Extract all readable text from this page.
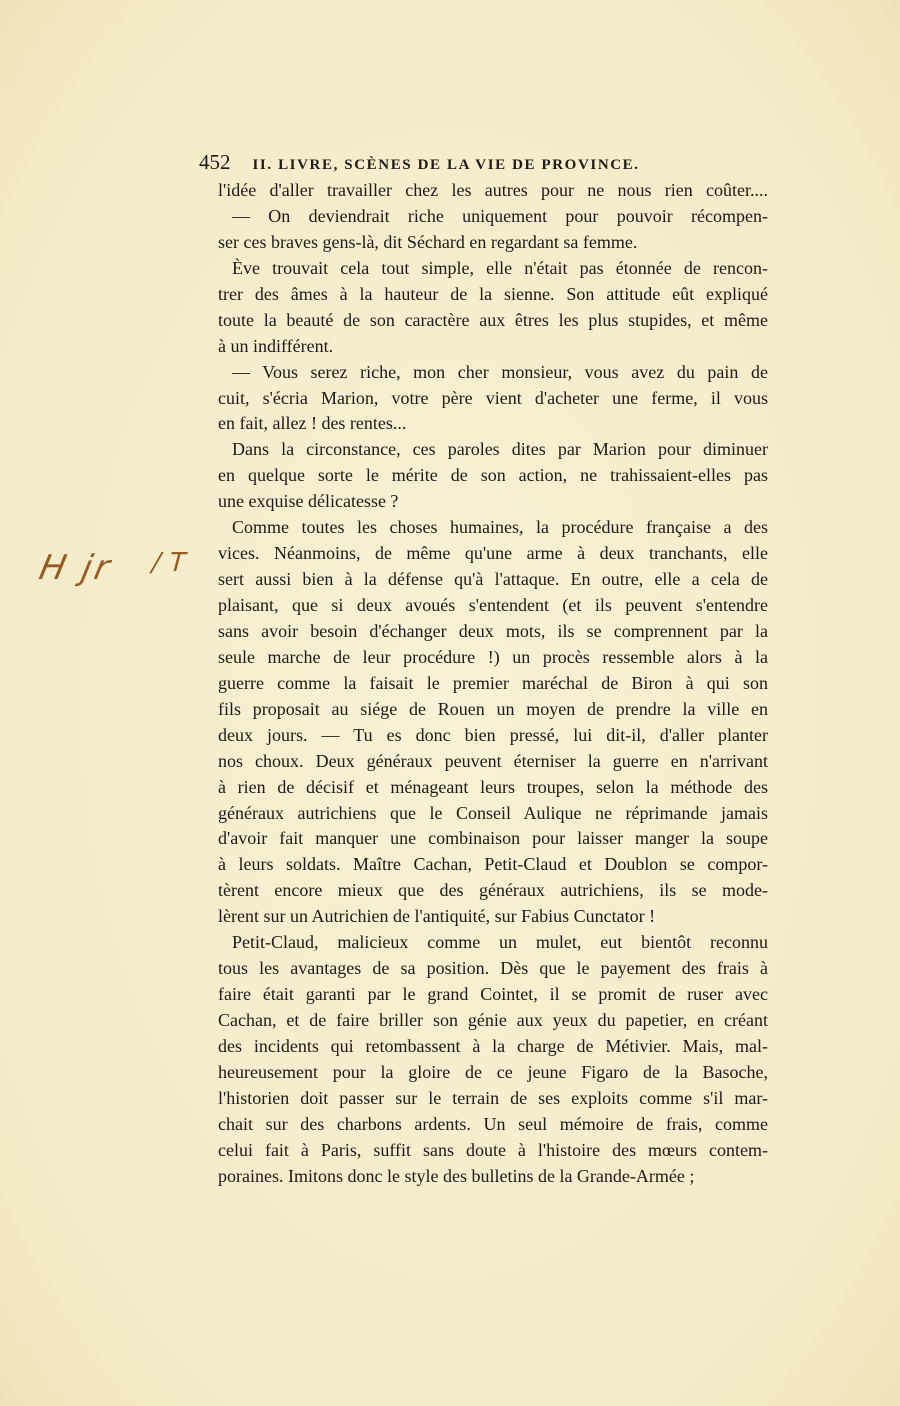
452 II. LIVRE, SCÈNES DE LA VIE DE PROVINCE.
l'idée d'aller travailler chez les autres pour ne nous rien coûter....
— On deviendrait riche uniquement pour pouvoir récompen-
ser ces braves gens-là, dit Séchard en regardant sa femme.
Ève trouvait cela tout simple, elle n'était pas étonnée de rencon-
trer des âmes à la hauteur de la sienne. Son attitude eût expliqué
toute la beauté de son caractère aux êtres les plus stupides, et même
à un indifférent.
— Vous serez riche, mon cher monsieur, vous avez du pain de
cuit, s'écria Marion, votre père vient d'acheter une ferme, il vous
en fait, allez ! des rentes...
Dans la circonstance, ces paroles dites par Marion pour diminuer
en quelque sorte le mérite de son action, ne trahissaient-elles pas
une exquise délicatesse ?
Comme toutes les choses humaines, la procédure française a des
vices. Néanmoins, de même qu'une arme à deux tranchants, elle
sert aussi bien à la défense qu'à l'attaque. En outre, elle a cela de
plaisant, que si deux avoués s'entendent (et ils peuvent s'entendre
sans avoir besoin d'échanger deux mots, ils se comprennent par la
seule marche de leur procédure !) un procès ressemble alors à la
guerre comme la faisait le premier maréchal de Biron à qui son
fils proposait au siége de Rouen un moyen de prendre la ville en
deux jours. — Tu es donc bien pressé, lui dit-il, d'aller planter
nos choux. Deux généraux peuvent éterniser la guerre en n'arrivant
à rien de décisif et ménageant leurs troupes, selon la méthode des
généraux autrichiens que le Conseil Aulique ne réprimande jamais
d'avoir fait manquer une combinaison pour laisser manger la soupe
à leurs soldats. Maître Cachan, Petit-Claud et Doublon se compor-
tèrent encore mieux que des généraux autrichiens, ils se mode-
lèrent sur un Autrichien de l'antiquité, sur Fabius Cunctator !
Petit-Claud, malicieux comme un mulet, eut bientôt reconnu
tous les avantages de sa position. Dès que le payement des frais à
faire était garanti par le grand Cointet, il se promit de ruser avec
Cachan, et de faire briller son génie aux yeux du papetier, en créant
des incidents qui retombassent à la charge de Métivier. Mais, mal-
heureusement pour la gloire de ce jeune Figaro de la Basoche,
l'historien doit passer sur le terrain de ses exploits comme s'il mar-
chait sur des charbons ardents. Un seul mémoire de frais, comme
celui fait à Paris, suffit sans doute à l'histoire des mœurs contem-
poraines. Imitons donc le style des bulletins de la Grande-Armée ;
H jr / T
